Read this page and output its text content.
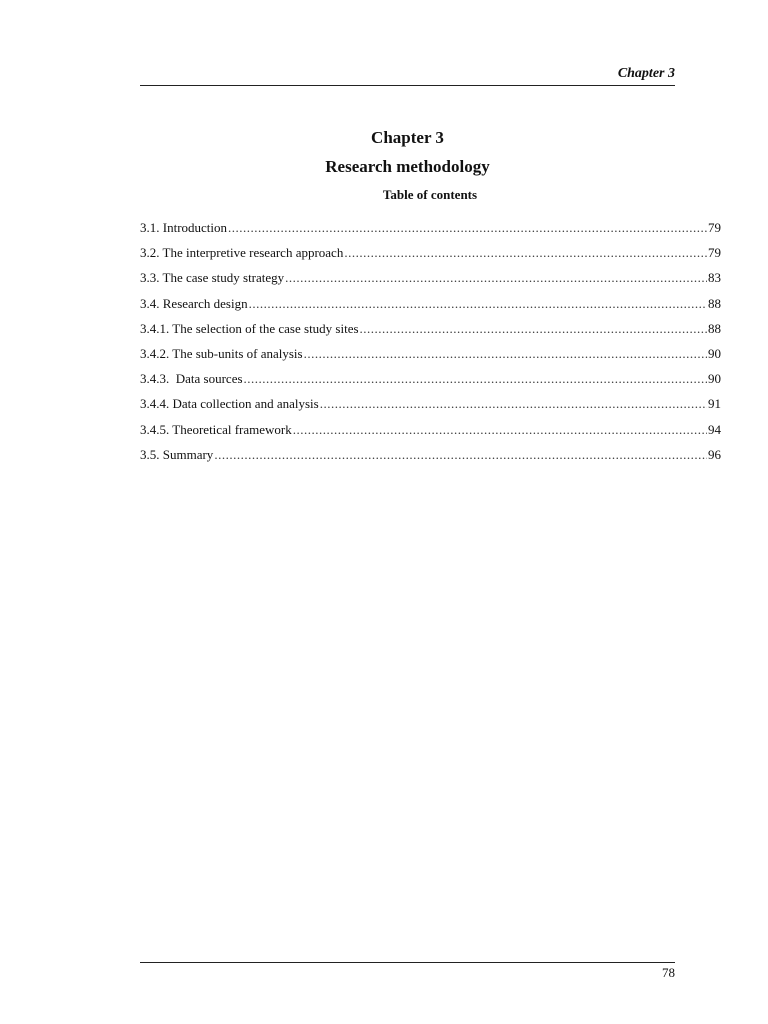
Chapter 3
Chapter 3
Research methodology
Table of contents
3.1. Introduction .....	79
3.2. The interpretive research approach .....	79
3.3. The case study strategy .....	83
3.4. Research design .....	88
3.4.1. The selection of the case study sites .....	88
3.4.2. The sub-units of analysis .....	90
3.4.3.  Data sources .....	90
3.4.4. Data collection and analysis .....	91
3.4.5. Theoretical framework .....	94
3.5. Summary .....	96
78
